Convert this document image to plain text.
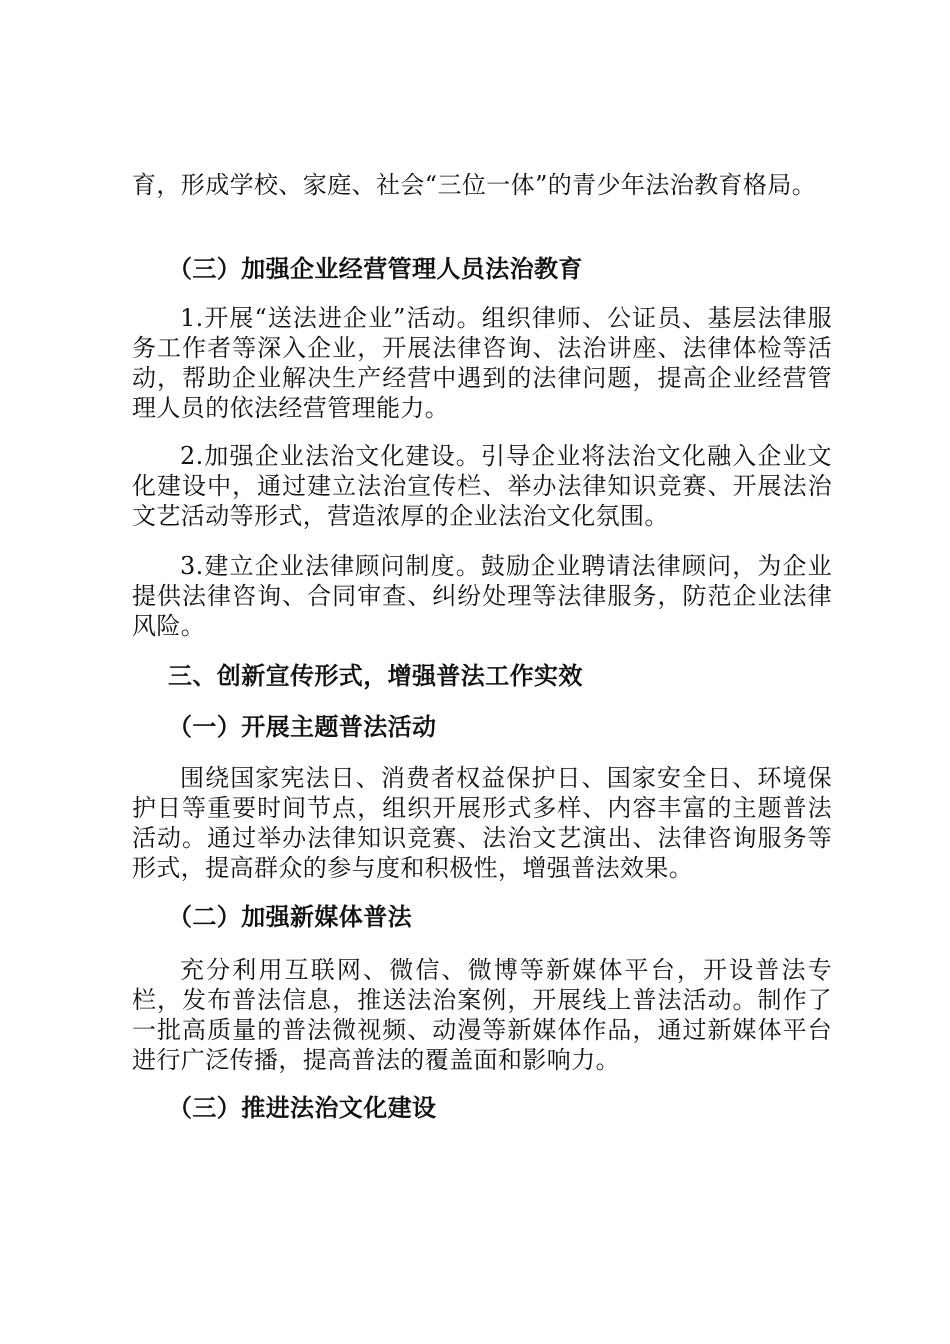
育，形成学校、家庭、社会“三位一体”的青少年法治教育格局。

（三）加强企业经营管理人员法治教育

1.开展“送法进企业”活动。组织律师、公证员、基层法律服务工作者等深入企业，开展法律咨询、法治讲座、法律体检等活动，帮助企业解决生产经营中遇到的法律问题，提高企业经营管理人员的依法经营管理能力。

2.加强企业法治文化建设。引导企业将法治文化融入企业文化建设中，通过建立法治宣传栏、举办法律知识竞赛、开展法治文艺活动等形式，营造浓厚的企业法治文化氛围。

3.建立企业法律顾问制度。鼓励企业聘请法律顾问，为企业提供法律咨询、合同审查、纠纷处理等法律服务，防范企业法律风险。

三、创新宣传形式，增强普法工作实效

（一）开展主题普法活动

围绕国家宪法日、消费者权益保护日、国家安全日、环境保护日等重要时间节点，组织开展形式多样、内容丰富的主题普法活动。通过举办法律知识竞赛、法治文艺演出、法律咨询服务等形式，提高群众的参与度和积极性，增强普法效果。

（二）加强新媒体普法

充分利用互联网、微信、微博等新媒体平台，开设普法专栏，发布普法信息，推送法治案例，开展线上普法活动。制作了一批高质量的普法微视频、动漫等新媒体作品，通过新媒体平台进行广泛传播，提高普法的覆盖面和影响力。

（三）推进法治文化建设
